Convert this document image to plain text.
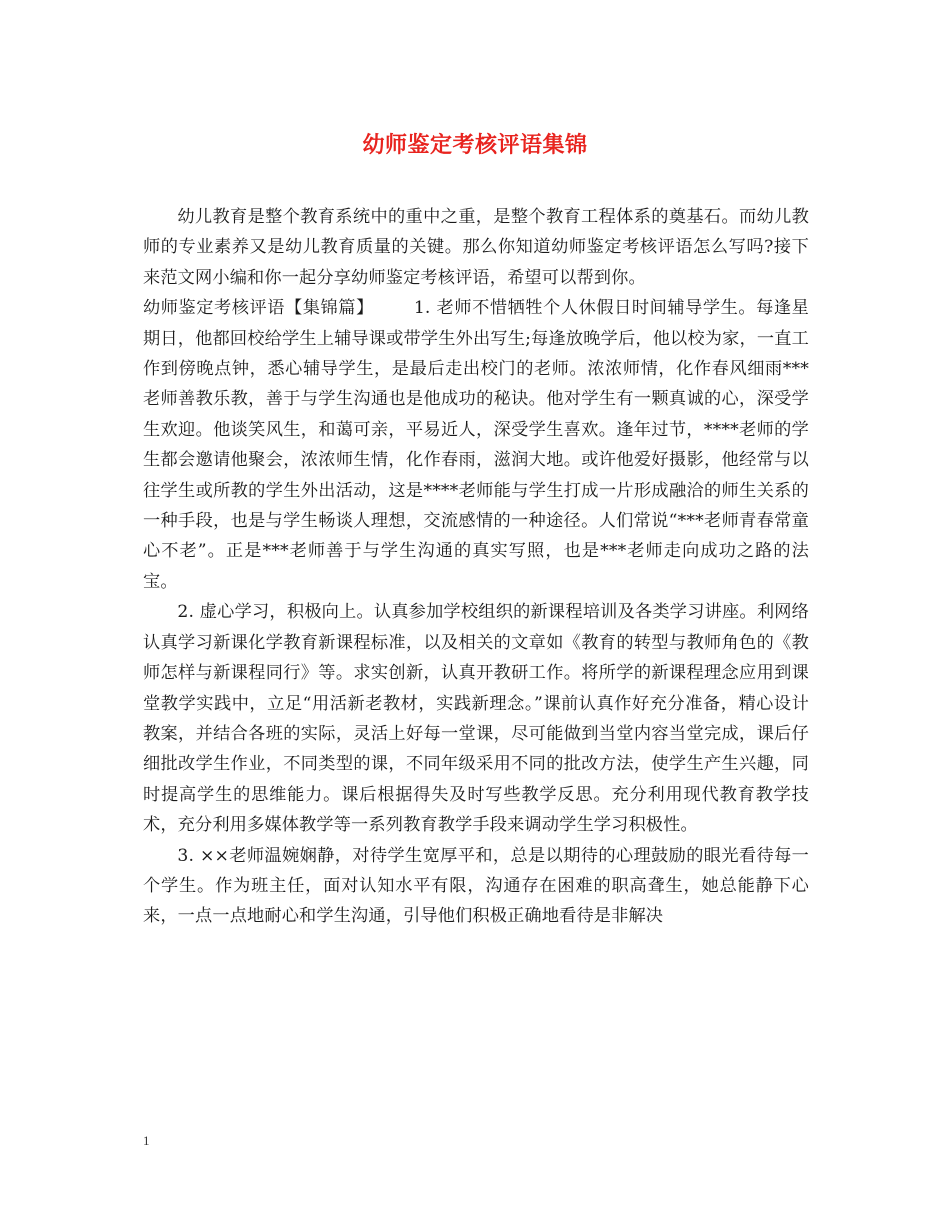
幼师鉴定考核评语集锦

幼儿教育是整个教育系统中的重中之重，是整个教育工程体系的奠基石。而幼儿教师的专业素养又是幼儿教育质量的关键。那么你知道幼师鉴定考核评语怎么写吗?接下来范文网小编和你一起分享幼师鉴定考核评语，希望可以帮到你。

幼师鉴定考核评语【集锦篇】 1. 老师不惜牺牲个人休假日时间辅导学生。每逢星期日，他都回校给学生上辅导课或带学生外出写生;每逢放晚学后，他以校为家，一直工作到傍晚点钟，悉心辅导学生，是最后走出校门的老师。浓浓师情，化作春风细雨***老师善教乐教，善于与学生沟通也是他成功的秘诀。他对学生有一颗真诚的心，深受学生欢迎。他谈笑风生，和蔼可亲，平易近人，深受学生喜欢。逢年过节，****老师的学生都会邀请他聚会，浓浓师生情，化作春雨，滋润大地。或许他爱好摄影，他经常与以往学生或所教的学生外出活动，这是****老师能与学生打成一片形成融洽的师生关系的一种手段，也是与学生畅谈人理想，交流感情的一种途径。人们常说“***老师青春常童心不老”。正是***老师善于与学生沟通的真实写照，也是***老师走向成功之路的法宝。

2. 虚心学习，积极向上。认真参加学校组织的新课程培训及各类学习讲座。利网络认真学习新课化学教育新课程标准，以及相关的文章如《教育的转型与教师角色的《教师怎样与新课程同行》等。求实创新，认真开教研工作。将所学的新课程理念应用到课堂教学实践中，立足“用活新老教材，实践新理念。”课前认真作好充分准备，精心设计教案，并结合各班的实际，灵活上好每一堂课，尽可能做到当堂内容当堂完成，课后仔细批改学生作业，不同类型的课，不同年级采用不同的批改方法，使学生产生兴趣，同时提高学生的思维能力。课后根据得失及时写些教学反思。充分利用现代教育教学技术，充分利用多媒体教学等一系列教育教学手段来调动学生学习积极性。

3. ××老师温婉娴静，对待学生宽厚平和，总是以期待的心理鼓励的眼光看待每一个学生。作为班主任，面对认知水平有限，沟通存在困难的职高聋生，她总能静下心来，一点一点地耐心和学生沟通，引导他们积极正确地看待是非解决

1
